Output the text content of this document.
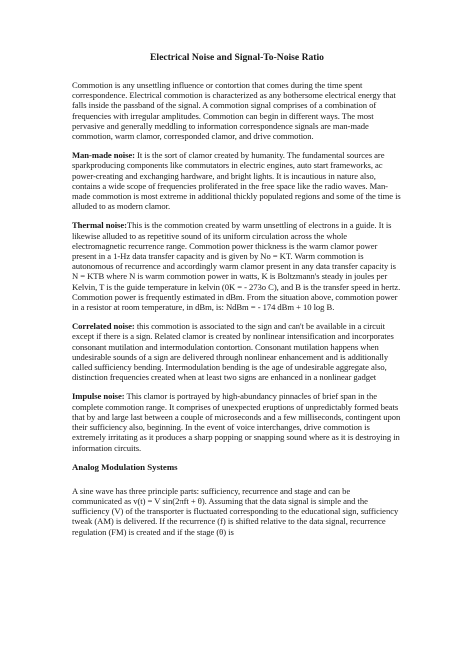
Electrical Noise and Signal-To-Noise Ratio

Commotion is any unsettling influence or contortion that comes during the time spent correspondence. Electrical commotion is characterized as any bothersome electrical energy that falls inside the passband of the signal. A commotion signal comprises of a combination of frequencies with irregular amplitudes. Commotion can begin in different ways. The most pervasive and generally meddling to information correspondence signals are man-made commotion, warm clamor, corresponded clamor, and drive commotion.

Man-made noise: It is the sort of clamor created by humanity. The fundamental sources are sparkproducing components like commutators in electric engines, auto start frameworks, ac power-creating and exchanging hardware, and bright lights. It is incautious in nature also, contains a wide scope of frequencies proliferated in the free space like the radio waves. Man-made commotion is most extreme in additional thickly populated regions and some of the time is alluded to as modern clamor.

Thermal noise:This is the commotion created by warm unsettling of electrons in a guide. It is likewise alluded to as repetitive sound of its uniform circulation across the whole electromagnetic recurrence range. Commotion power thickness is the warm clamor power present in a 1-Hz data transfer capacity and is given by No = KT. Warm commotion is autonomous of recurrence and accordingly warm clamor present in any data transfer capacity is N = KTB where N is warm commotion power in watts, K is Boltzmann's steady in joules per Kelvin, T is the guide temperature in kelvin (0K = - 273o C), and B is the transfer speed in hertz. Commotion power is frequently estimated in dBm. From the situation above, commotion power in a resistor at room temperature, in dBm, is: NdBm = - 174 dBm + 10 log B.

Correlated noise: this commotion is associated to the sign and can't be available in a circuit except if there is a sign. Related clamor is created by nonlinear intensification and incorporates consonant mutilation and intermodulation contortion. Consonant mutilation happens when undesirable sounds of a sign are delivered through nonlinear enhancement and is additionally called sufficiency bending. Intermodulation bending is the age of undesirable aggregate also, distinction frequencies created when at least two signs are enhanced in a nonlinear gadget

Impulse noise: This clamor is portrayed by high-abundancy pinnacles of brief span in the complete commotion range. It comprises of unexpected eruptions of unpredictably formed beats that by and large last between a couple of microseconds and a few milliseconds, contingent upon their sufficiency also, beginning. In the event of voice interchanges, drive commotion is extremely irritating as it produces a sharp popping or snapping sound where as it is destroying in information circuits.

Analog Modulation Systems

A sine wave has three principle parts: sufficiency, recurrence and stage and can be communicated as v(t) = V sin(2πft + θ). Assuming that the data signal is simple and the sufficiency (V) of the transporter is fluctuated corresponding to the educational sign, sufficiency tweak (AM) is delivered. If the recurrence (f) is shifted relative to the data signal, recurrence regulation (FM) is created and if the stage (θ) is
